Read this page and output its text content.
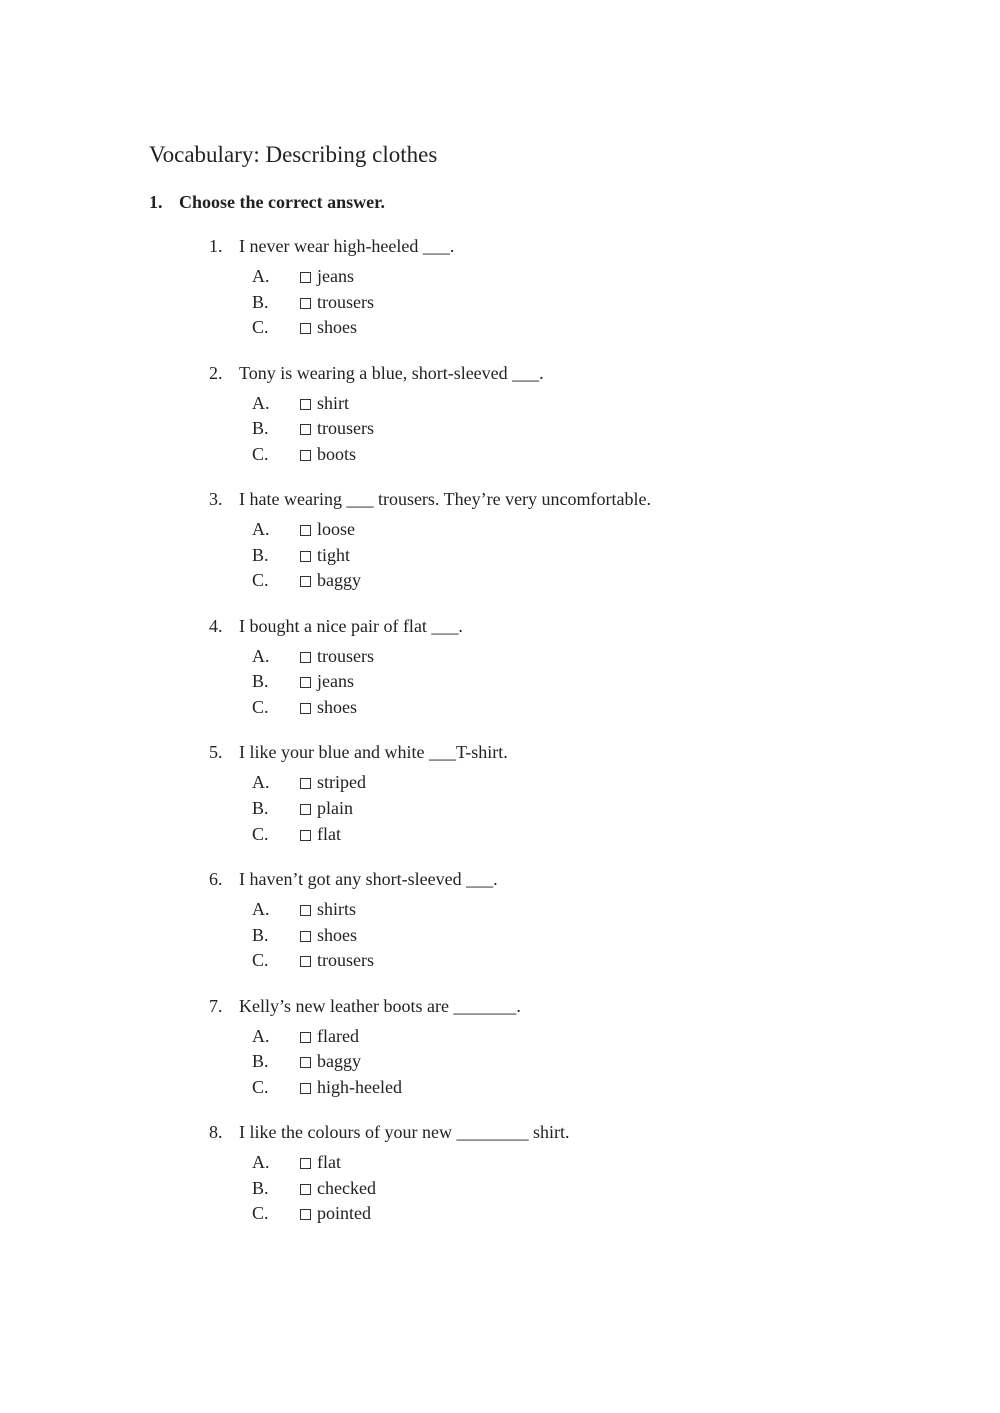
Vocabulary: Describing clothes
1. Choose the correct answer.
1. I never wear high-heeled ___.
A.	jeans
B.	trousers
C.	shoes
2. Tony is wearing a blue, short-sleeved ___.
A.	shirt
B.	trousers
C.	boots
3. I hate wearing ___ trousers. They’re very uncomfortable.
A.	loose
B.	tight
C.	baggy
4. I bought a nice pair of flat ___.
A.	trousers
B.	jeans
C.	shoes
5. I like your blue and white ___T-shirt.
A.	striped
B.	plain
C.	flat
6. I haven’t got any short-sleeved ___.
A.	shirts
B.	shoes
C.	trousers
7. Kelly’s new leather boots are _______.
A.	flared
B.	baggy
C.	high-heeled
8. I like the colours of your new ________ shirt.
A.	flat
B.	checked
C.	pointed
